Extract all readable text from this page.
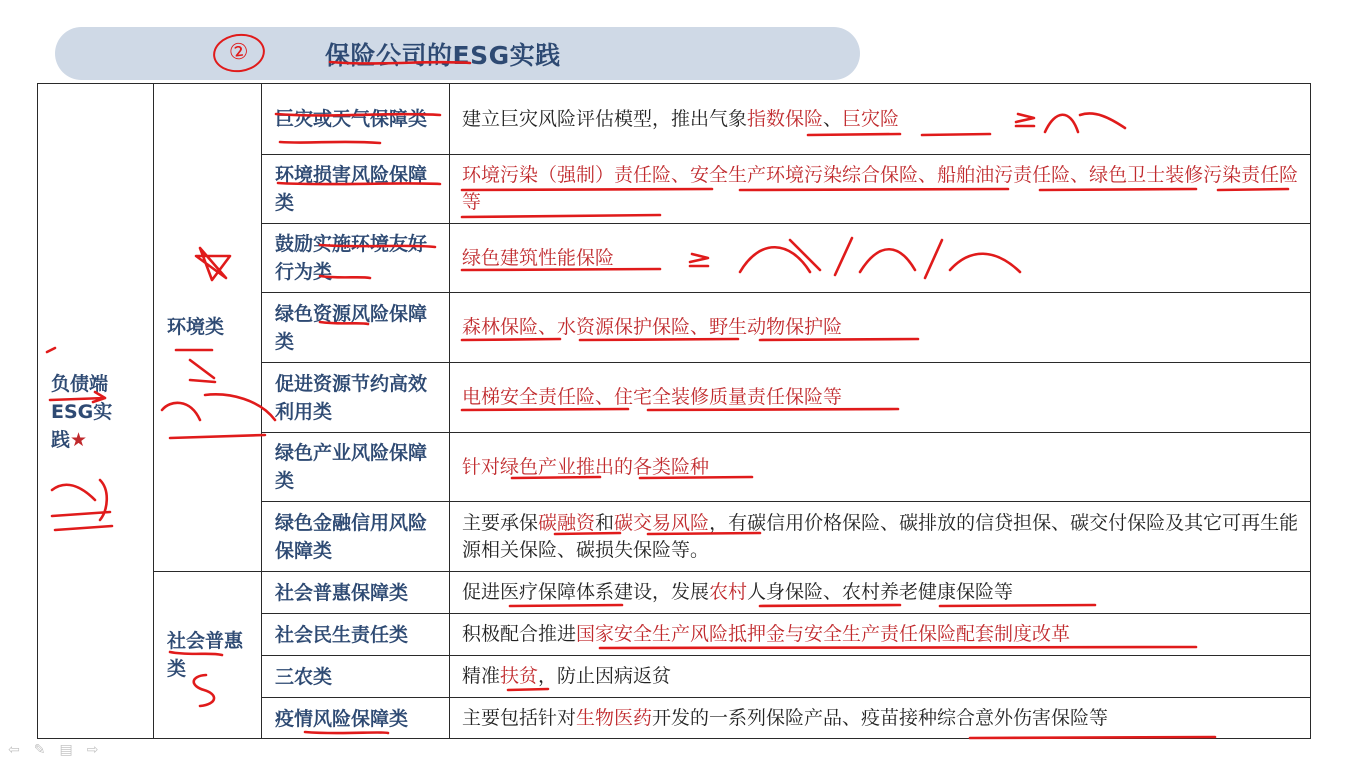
②	保险公司的ESG实践
负债端ESG实践★
环境类
社会普惠类
巨灾或天气保障类
环境损害风险保障类
鼓励实施环境友好行为类
绿色资源风险保障类
促进资源节约高效利用类
绿色产业风险保障类
绿色金融信用风险保障类
社会普惠保障类
社会民生责任类
三农类
疫情风险保障类
建立巨灾风险评估模型，推出气象指数保险、巨灾险
环境污染（强制）责任险、安全生产环境污染综合保险、船舶油污责任险、绿色卫士装修污染责任险等
绿色建筑性能保险
森林保险、水资源保护保险、野生动物保护险
电梯安全责任险、住宅全装修质量责任保险等
针对绿色产业推出的各类险种
主要承保碳融资和碳交易风险，有碳信用价格保险、碳排放的信贷担保、碳交付保险及其它可再生能源相关保险、碳损失保险等。
促进医疗保障体系建设，发展农村人身保险、农村养老健康保险等
积极配合推进国家安全生产风险抵押金与安全生产责任保险配套制度改革
精准扶贫，防止因病返贫
主要包括针对生物医药开发的一系列保险产品、疫苗接种综合意外伤害保险等
⇦ ✎ ▤ ⇨
